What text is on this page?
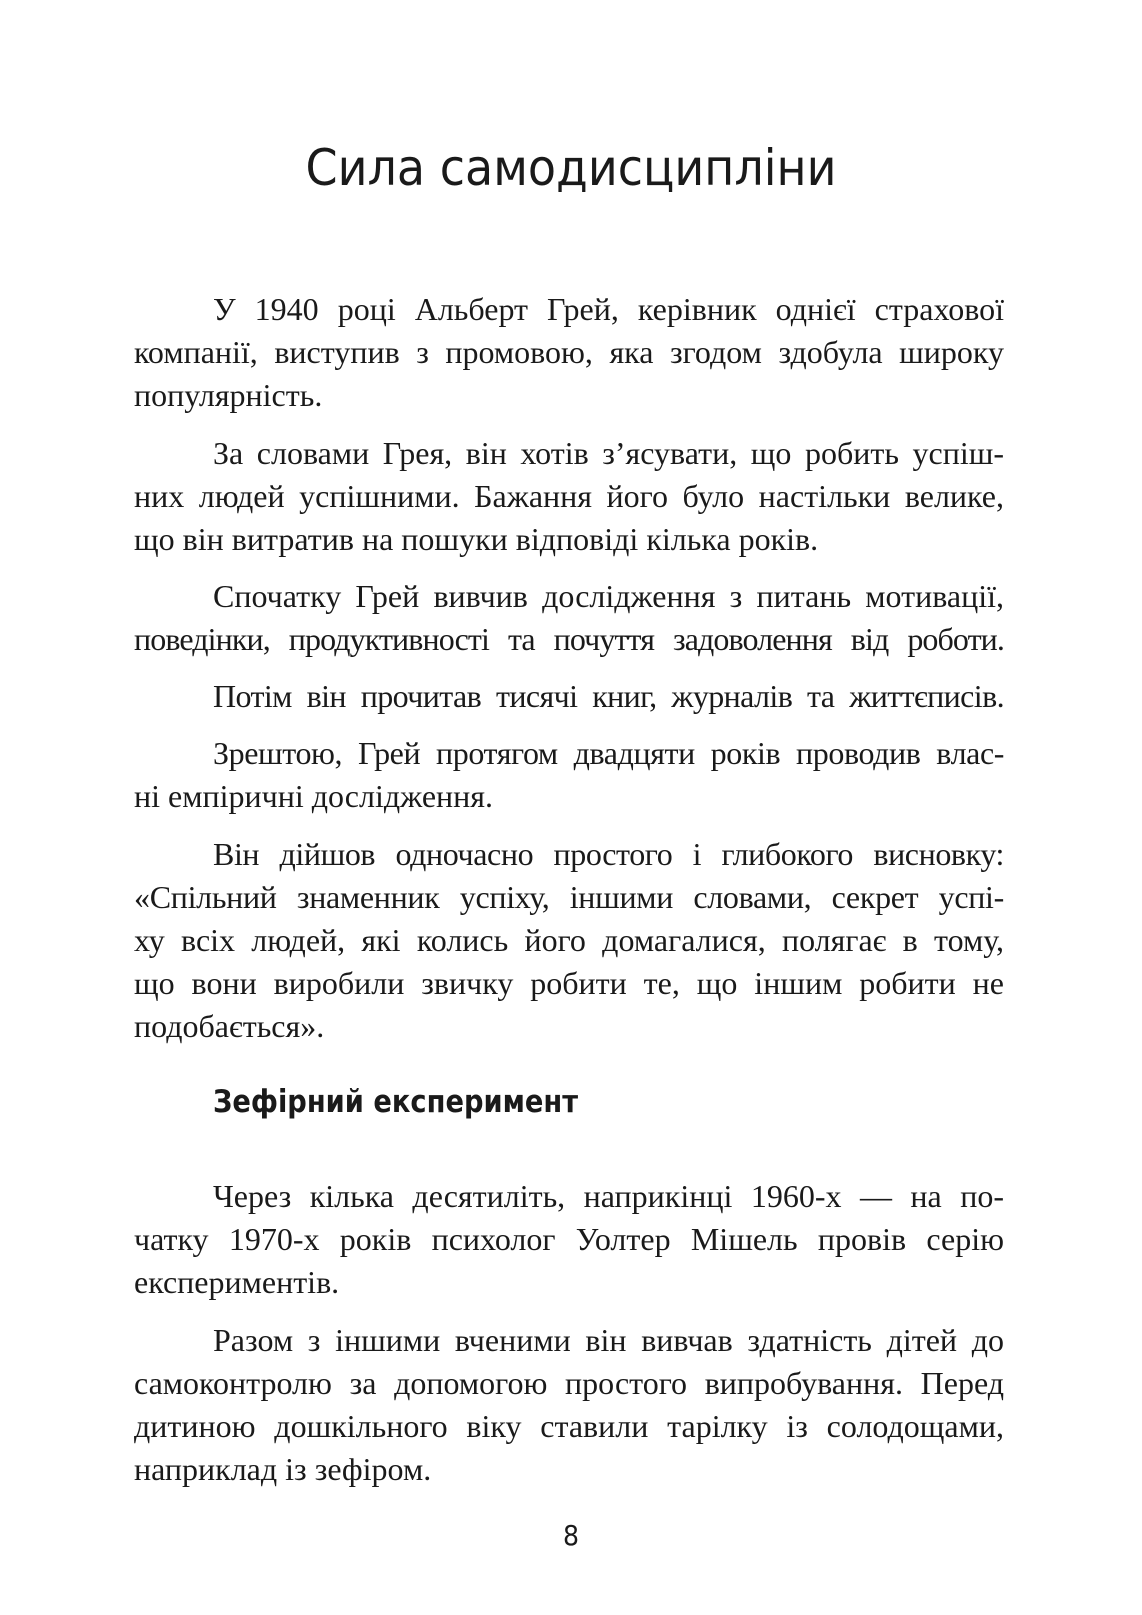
Сила самодисципліни
У 1940 році Альберт Грей, керівник однієї страхової
компанії, виступив з промовою, яка згодом здобула широку
популярність.
За словами Грея, він хотів з’ясувати, що робить успіш-
них людей успішними. Бажання його було настільки велике,
що він витратив на пошуки відповіді кілька років.
Спочатку Грей вивчив дослідження з питань мотивації,
поведінки, продуктивності та почуття задоволення від роботи.
Потім він прочитав тисячі книг, журналів та життєписів.
Зрештою, Грей протягом двадцяти років проводив влас-
ні емпіричні дослідження.
Він дійшов одночасно простого і глибокого висновку:
«Спільний знаменник успіху, іншими словами, секрет успі-
ху всіх людей, які колись його домагалися, полягає в тому,
що вони виробили звичку робити те, що іншим робити не
подобається».
Зефірний експеримент
Через кілька десятиліть, наприкінці 1960-х — на по-
чатку 1970-х років психолог Уолтер Мішель провів серію
експериментів.
Разом з іншими вченими він вивчав здатність дітей до
самоконтролю за допомогою простого випробування. Перед
дитиною дошкільного віку ставили тарілку із солодощами,
наприклад із зефіром.
8
